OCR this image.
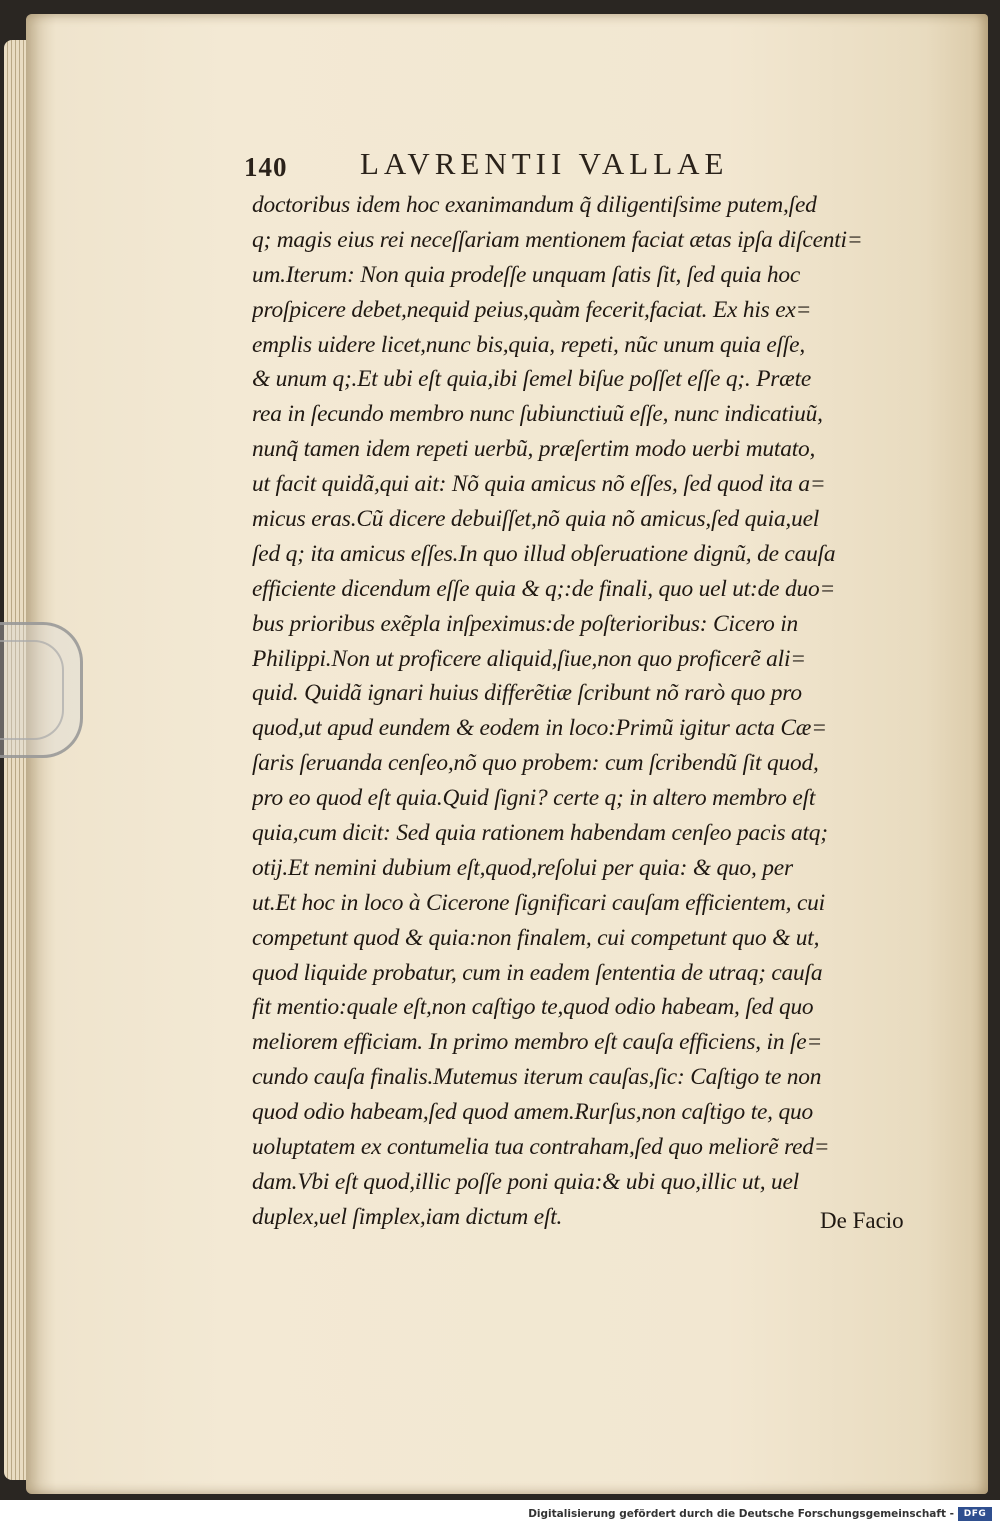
140 LAVRENTII VALLAE
doctoribus idem hoc exanimandum q̃ diligentiſsime putem,ſed
q; magis eius rei neceſſariam mentionem faciat ætas ipſa diſcenti=
um.Iterum: Non quia prodeſſe unquam ſatis ſit, ſed quia hoc
proſpicere debet,nequid peius,quàm fecerit,faciat. Ex his ex=
emplis uidere licet,nunc bis,quia, repeti, nũc unum quia eſſe,
& unum q;.Et ubi eſt quia,ibi ſemel biſue poſſet eſſe q;. Præte
rea in ſecundo membro nunc ſubiunctiuũ eſſe, nunc indicatiuũ,
nunq̃ tamen idem repeti uerbũ, præſertim modo uerbi mutato,
ut facit quidã,qui ait: Nõ quia amicus nõ eſſes, ſed quod ita a=
micus eras.Cũ dicere debuiſſet,nõ quia nõ amicus,ſed quia,uel
ſed q; ita amicus eſſes.In quo illud obſeruatione dignũ, de cauſa
efficiente dicendum eſſe quia & q;:de finali, quo uel ut:de duo=
bus prioribus exẽpla inſpeximus:de poſterioribus: Cicero in
Philippi.Non ut proficere aliquid,ſiue,non quo proficerẽ ali=
quid. Quidã ignari huius differẽtiæ ſcribunt nõ rarò quo pro
quod,ut apud eundem & eodem in loco:Primũ igitur acta Cæ=
ſaris ſeruanda cenſeo,nõ quo probem: cum ſcribendũ ſit quod,
pro eo quod eſt quia.Quid ſigni? certe q; in altero membro eſt
quia,cum dicit: Sed quia rationem habendam cenſeo pacis atq;
otij.Et nemini dubium eſt,quod,reſolui per quia: & quo, per
ut.Et hoc in loco à Cicerone ſignificari cauſam efficientem, cui
competunt quod & quia:non finalem, cui competunt quo & ut,
quod liquide probatur, cum in eadem ſententia de utraq; cauſa
fit mentio:quale eſt,non caſtigo te,quod odio habeam, ſed quo
meliorem efficiam. In primo membro eſt cauſa efficiens, in ſe=
cundo cauſa finalis.Mutemus iterum cauſas,ſic: Caſtigo te non
quod odio habeam,ſed quod amem.Rurſus,non caſtigo te, quo
uoluptatem ex contumelia tua contraham,ſed quo meliorẽ red=
dam.Vbi eſt quod,illic poſſe poni quia:& ubi quo,illic ut, uel
duplex,uel ſimplex,iam dictum eſt.	De Facio
Digitalisierung gefördert durch die Deutsche Forschungsgemeinschaft -	DFG
